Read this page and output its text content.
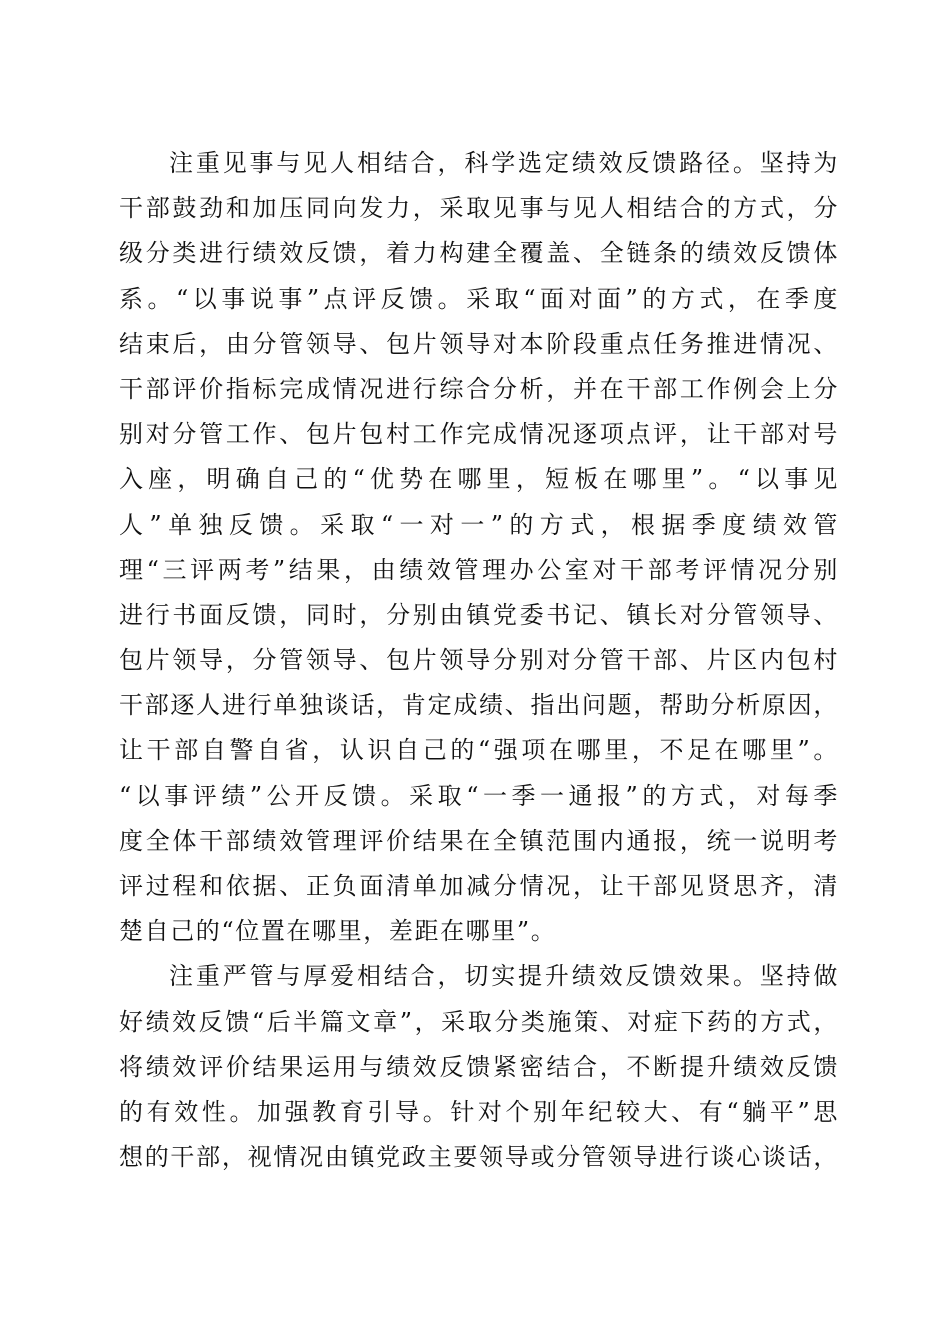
注重见事与见人相结合，科学选定绩效反馈路径。坚持为
干部鼓劲和加压同向发力，采取见事与见人相结合的方式，分
级分类进行绩效反馈，着力构建全覆盖、全链条的绩效反馈体
系。“以事说事”点评反馈。采取“面对面”的方式，在季度
结束后，由分管领导、包片领导对本阶段重点任务推进情况、
干部评价指标完成情况进行综合分析，并在干部工作例会上分
别对分管工作、包片包村工作完成情况逐项点评，让干部对号
入座，明确自己的“优势在哪里，短板在哪里”。“以事见
人”单独反馈。采取“一对一”的方式，根据季度绩效管
理“三评两考”结果，由绩效管理办公室对干部考评情况分别
进行书面反馈，同时，分别由镇党委书记、镇长对分管领导、
包片领导，分管领导、包片领导分别对分管干部、片区内包村
干部逐人进行单独谈话，肯定成绩、指出问题，帮助分析原因，
让干部自警自省，认识自己的“强项在哪里，不足在哪里”。
“以事评绩”公开反馈。采取“一季一通报”的方式，对每季
度全体干部绩效管理评价结果在全镇范围内通报，统一说明考
评过程和依据、正负面清单加减分情况，让干部见贤思齐，清
楚自己的“位置在哪里，差距在哪里”。
注重严管与厚爱相结合，切实提升绩效反馈效果。坚持做
好绩效反馈“后半篇文章”，采取分类施策、对症下药的方式，
将绩效评价结果运用与绩效反馈紧密结合，不断提升绩效反馈
的有效性。加强教育引导。针对个别年纪较大、有“躺平”思
想的干部，视情况由镇党政主要领导或分管领导进行谈心谈话，
